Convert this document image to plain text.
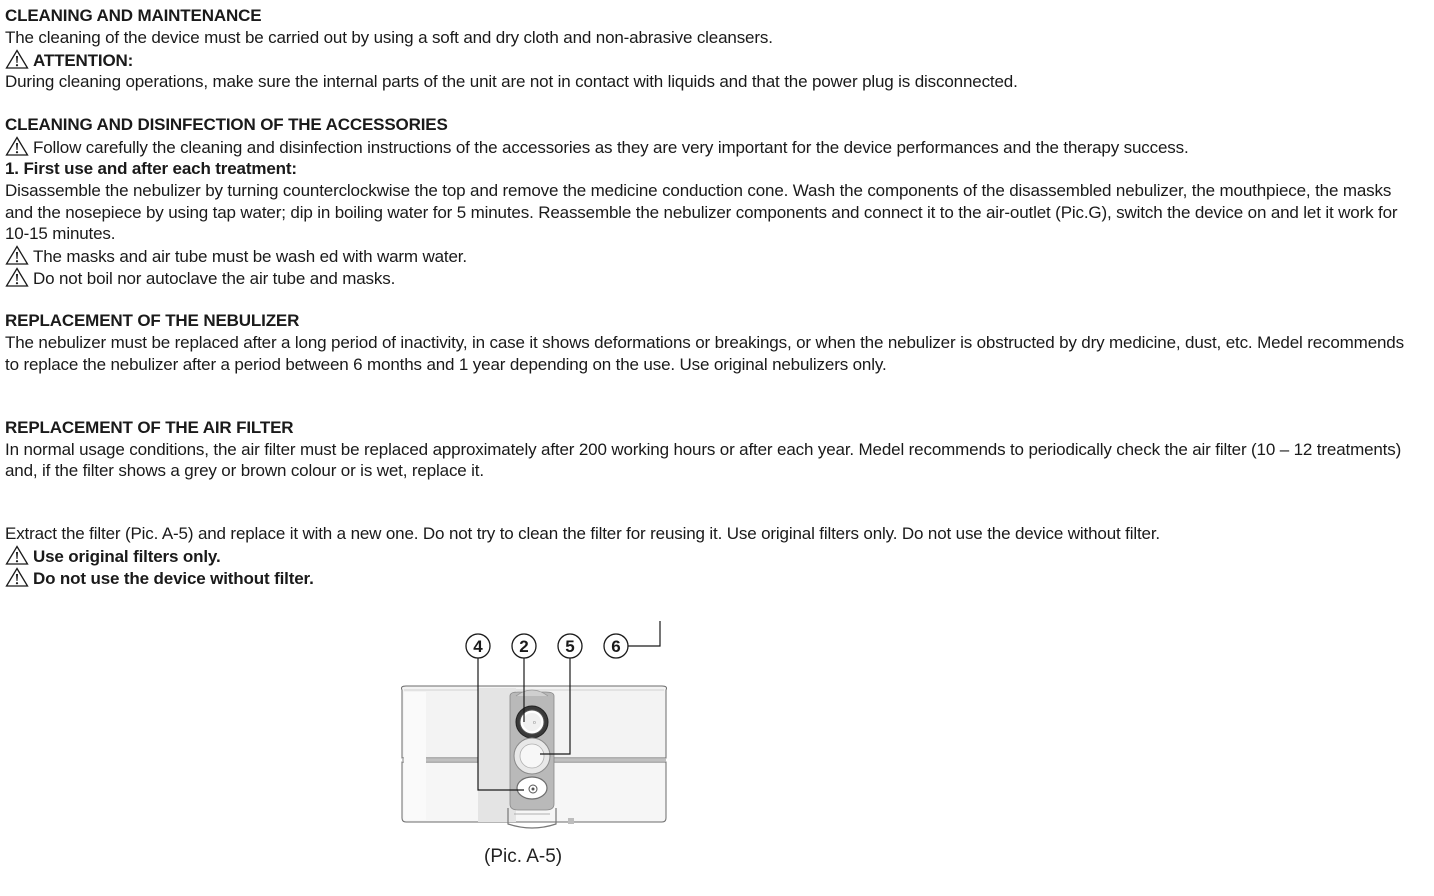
CLEANING AND MAINTENANCE
The cleaning of the device must be carried out by using a soft and dry cloth and non-abrasive cleansers.
ATTENTION:
During cleaning operations, make sure the internal parts of the unit are not in contact with liquids and that the power plug is disconnected.
CLEANING AND DISINFECTION OF THE ACCESSORIES
Follow carefully the cleaning and disinfection instructions of the accessories as they are very important for the device performances and the therapy success.
1. First use and after each treatment:
Disassemble the nebulizer by turning counterclockwise the top and remove the medicine conduction cone. Wash the components of the disassembled nebulizer, the mouthpiece, the masks and the nosepiece by using tap water; dip in boiling water for 5 minutes. Reassemble the nebulizer components and connect it to the air-outlet (Pic.G), switch the device on and let it work for 10-15 minutes.
The masks and air tube must be wash ed with warm water.
Do not boil nor autoclave the air tube and masks.
REPLACEMENT OF THE NEBULIZER
The nebulizer must be replaced after a long period of inactivity, in case it shows deformations or breakings, or when the nebulizer is obstructed by dry medicine, dust, etc. Medel recommends to replace the nebulizer after a period between 6 months and 1 year depending on the use. Use original nebulizers only.
REPLACEMENT OF THE AIR FILTER
In normal usage conditions, the air filter must be replaced approximately after 200 working hours or after each year. Medel recommends to periodically check the air filter (10 – 12 treatments) and, if the filter shows a grey or brown colour or is wet, replace it.
Extract the filter (Pic. A-5) and replace it with a new one. Do not try to clean the filter for reusing it. Use original filters only. Do not use the device without filter.
Use original filters only.
Do not use the device without filter.
o
4 2 5 6
(Pic. A-5)
